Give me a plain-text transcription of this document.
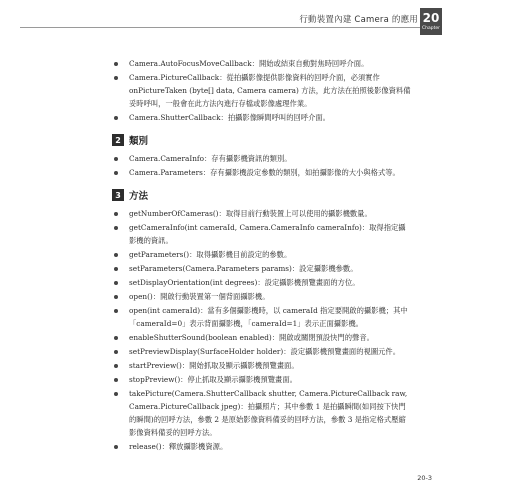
行動裝置內建 Camera 的應用 20
Chapter
Camera.AutoFocusMoveCallback：開始或結束自動對焦時回呼介面。
Camera.PictureCallback：從拍攝影像提供影像資料的回呼介面，必須實作 onPictureTaken (byte[] data, Camera camera) 方法，此方法在拍照後影像資料備妥時呼叫，一般會在此方法內進行存檔或影像處理作業。
Camera.ShutterCallback：拍攝影像瞬間呼叫的回呼介面。
2 類別
Camera.CameraInfo：存有攝影機資訊的類別。
Camera.Parameters：存有攝影機設定參數的類別，如拍攝影像的大小與格式等。
3 方法
getNumberOfCameras()：取得目前行動裝置上可以使用的攝影機數量。
getCameraInfo(int cameraId, Camera.CameraInfo cameraInfo)：取得指定攝影機的資訊。
getParameters()：取得攝影機目前設定的參數。
setParameters(Camera.Parameters params)：設定攝影機參數。
setDisplayOrientation(int degrees)：設定攝影機預覽畫面的方位。
open()：開啟行動裝置第一個背面攝影機。
open(int cameraId)：當有多個攝影機時，以 cameraId 指定要開啟的攝影機；其中「cameraId=0」表示背面攝影機，「cameraId=1」表示正面攝影機。
enableShutterSound(boolean enabled)：開啟或關閉預設快門的聲音。
setPreviewDisplay(SurfaceHolder holder)：設定攝影機預覽畫面的視圖元件。
startPreview()：開始抓取及顯示攝影機預覽畫面。
stopPreview()：停止抓取及顯示攝影機預覽畫面。
takePicture(Camera.ShutterCallback shutter, Camera.PictureCallback raw, Camera.PictureCallback jpeg)：拍攝照片；其中參數 1 是拍攝瞬間(如同按下快門的瞬間)的回呼方法，參數 2 是原始影像資料備妥的回呼方法，參數 3 是指定格式壓縮影像資料備妥的回呼方法。
release()：釋放攝影機資源。
20-3
